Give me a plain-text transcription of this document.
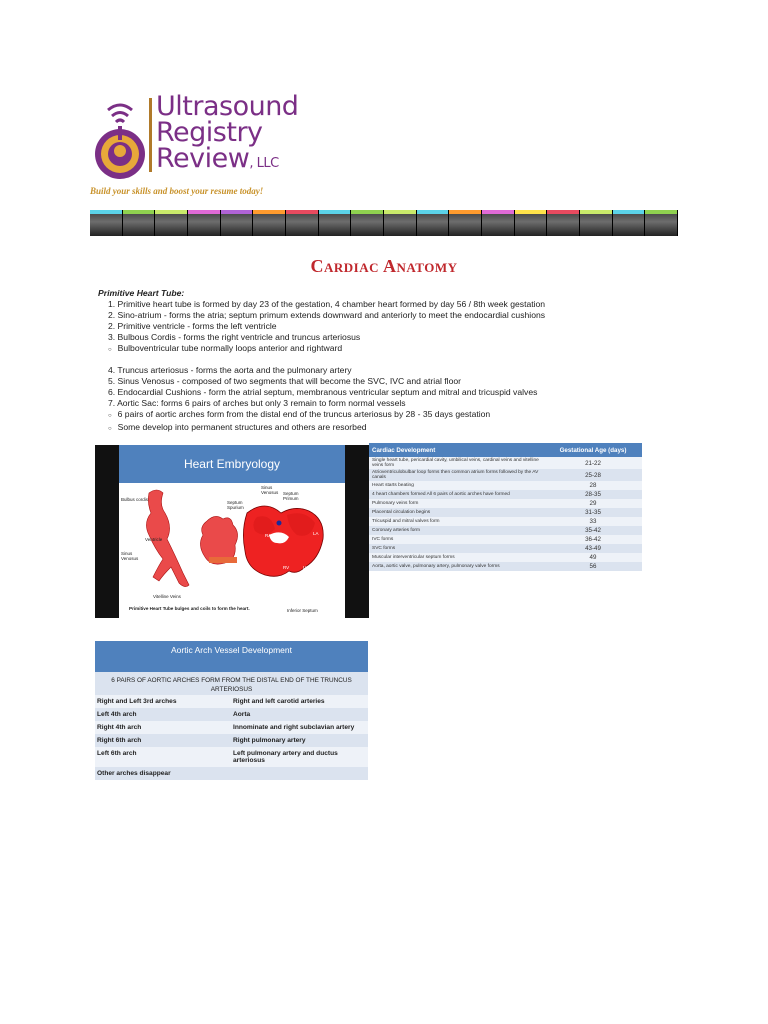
Ultrasound
Registry
Review, LLC
Build your skills and boost your resume today!
Cardiac Anatomy
Primitive Heart Tube:
1. Primitive heart tube is formed by day 23 of the gestation, 4 chamber heart formed by day 56 / 8th week gestation
2. Sino-atrium - forms the atria; septum primum extends downward and anteriorly to meet the endocardial cushions
2. Primitive ventricle - forms the left ventricle
3. Bulbous Cordis - forms the right ventricle and truncus arteriosus
○ Bulboventricular tube normally loops anterior and rightward
4. Truncus arteriosus - forms the aorta and the pulmonary artery
5. Sinus Venosus - composed of two segments that will become the SVC, IVC and atrial floor
6. Endocardial Cushions - form the atrial septum, membranous ventricular septum and mitral and tricuspid valves
7. Aortic Sac: forms 6 pairs of arches but only 3 remain to form normal vessels
○ 6 pairs of aortic arches form from the distal end of the truncus arteriosus by 28 - 35 days gestation
○ Some develop into permanent structures and others are resorbed
Heart Embryology
Bulbus cordis
Ventricle
Sinus Venosus
Vitelline Veins
Septum Spurium
Sinus Venosus	Septum Primum
RA	LA
RV	LV
Inferior Septum
Primitive Heart Tube bulges and coils to form the heart.
Cardiac Development	Gestational Age (days)
Single heart tube, pericardial cavity, umbilical veins, cardinal veins and vitelline veins form	21-22
Atrioventriculobulbar loop forms then common atrium forms followed by the AV canals	25-28
Heart starts beating	28
4 heart chambers formed All 6 pairs of aortic arches have formed	28-35
Pulmonary veins form	29
Placental circulation begins	31-35
Tricuspid and mitral valves form	33
Coronary arteries form	35-42
IVC forms	36-42
SVC forms	43-49
Muscular interventricular septum forms	49
Aorta, aortic valve, pulmonary artery, pulmonary valve forms	56
Aortic Arch Vessel Development
6 PAIRS OF AORTIC ARCHES FORM FROM THE DISTAL END OF THE TRUNCUS ARTERIOSUS
Right and Left 3rd arches	Right and left carotid arteries
Left 4th arch	Aorta
Right 4th arch	Innominate and right subclavian artery
Right 6th arch	Right pulmonary artery
Left 6th arch	Left pulmonary artery and ductus arteriosus
Other arches disappear
